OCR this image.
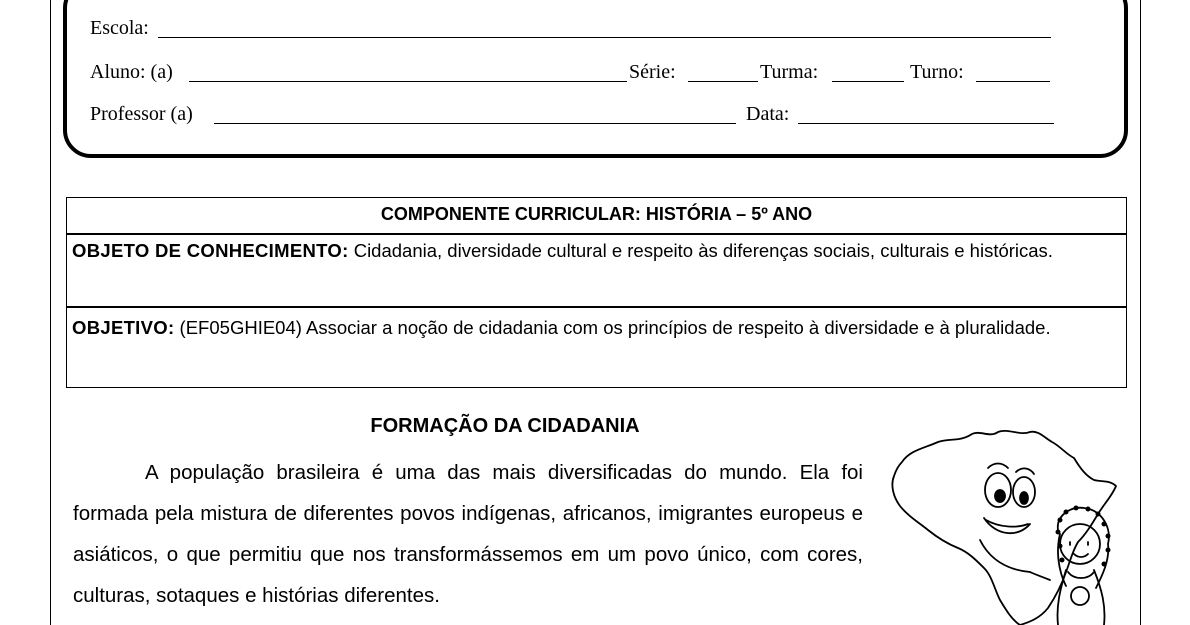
Escola:
Aluno: (a)	Série:	Turma:	Turno:
Professor (a)	Data:
COMPONENTE CURRICULAR: HISTÓRIA – 5º ANO

OBJETO DE CONHECIMENTO: Cidadania, diversidade cultural e respeito às diferenças sociais, culturais e históricas.

OBJETIVO: (EF05GHIE04) Associar a noção de cidadania com os princípios de respeito à diversidade e à pluralidade.

FORMAÇÃO DA CIDADANIA

A população brasileira é uma das mais diversificadas do mundo. Ela foi formada pela mistura de diferentes povos indígenas, africanos, imigrantes europeus e asiáticos, o que permitiu que nos transformássemos em um povo único, com cores, culturas, sotaques e histórias diferentes.
